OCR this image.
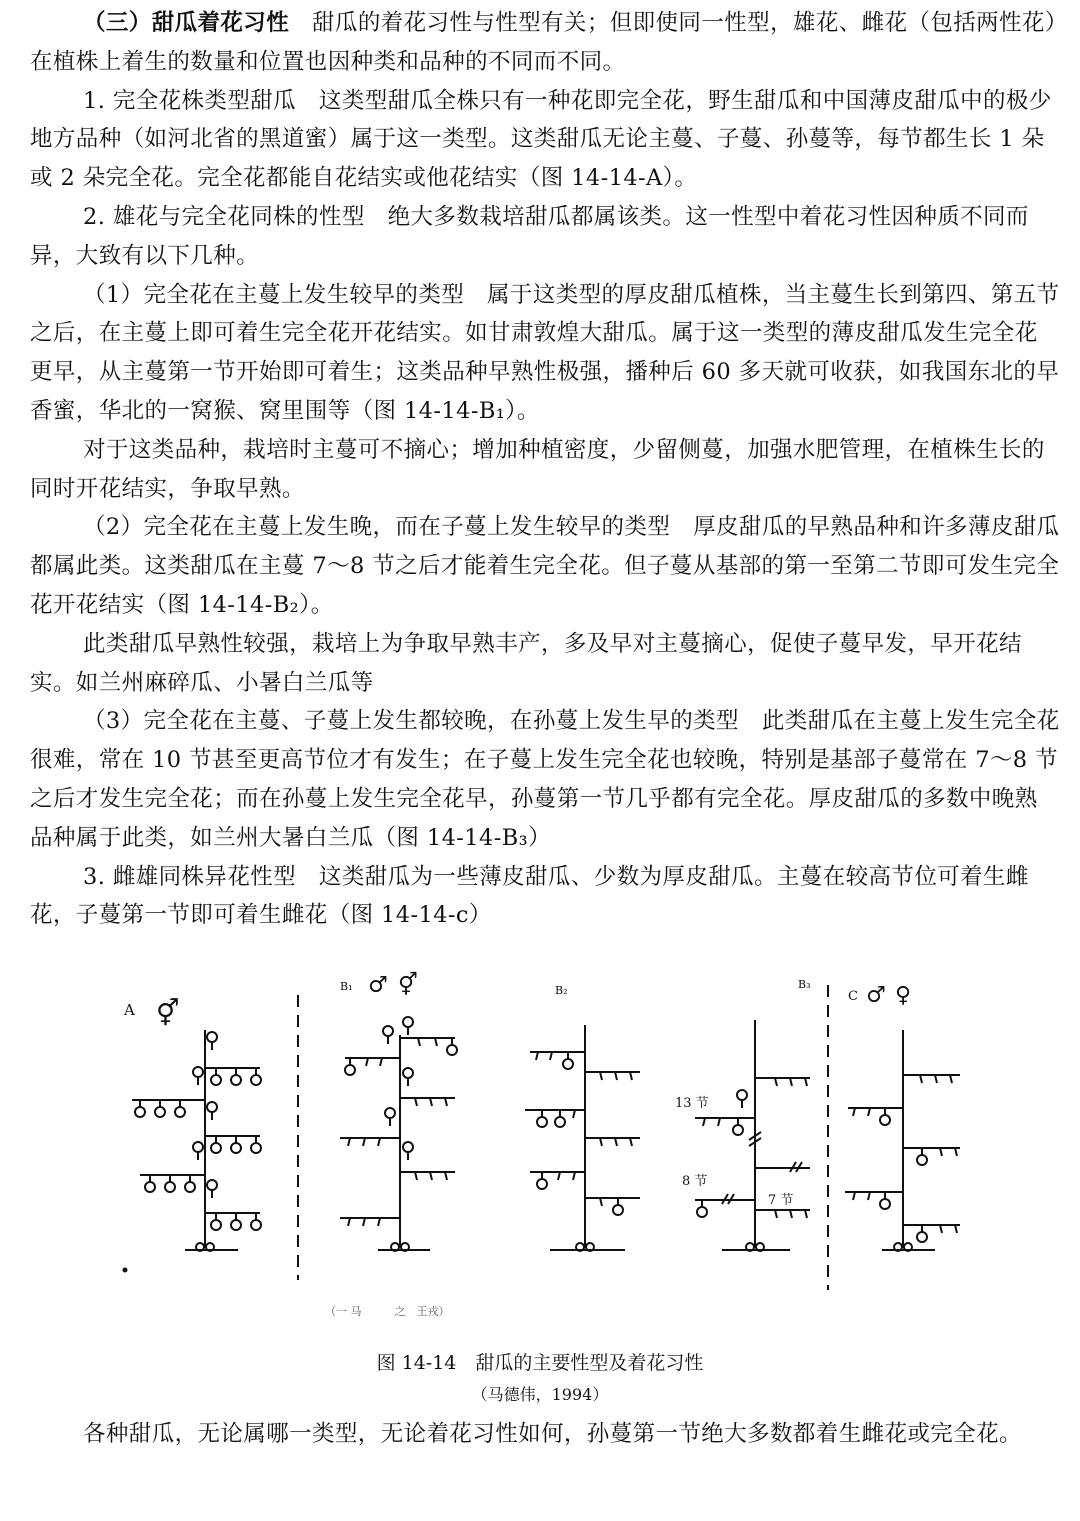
（三）甜瓜着花习性　 甜瓜的着花习性与性型有关；但即使同一性型，雄花、雌花（包括两性花）在植株上着生的数量和位置也因种类和品种的不同而不同。

1. 完全花株类型甜瓜　这类型甜瓜全株只有一种花即完全花，野生甜瓜和中国薄皮甜瓜中的极少地方品种（如河北省的黑道蜜）属于这一类型。这类甜瓜无论主蔓、子蔓、孙蔓等，每节都生长 1 朵或 2 朵完全花。完全花都能自花结实或他花结实（图 14-14-A）。

2. 雄花与完全花同株的性型　绝大多数栽培甜瓜都属该类。这一性型中着花习性因种质不同而异，大致有以下几种。

（1）完全花在主蔓上发生较早的类型　属于这类型的厚皮甜瓜植株，当主蔓生长到第四、第五节之后，在主蔓上即可着生完全花开花结实。如甘肃敦煌大甜瓜。属于这一类型的薄皮甜瓜发生完全花更早，从主蔓第一节开始即可着生；这类品种早熟性极强，播种后 60 多天就可收获，如我国东北的早香蜜，华北的一窝猴、窝里围等（图 14-14-B₁）。

对于这类品种，栽培时主蔓可不摘心；增加种植密度，少留侧蔓，加强水肥管理，在植株生长的同时开花结实，争取早熟。

（2）完全花在主蔓上发生晚，而在子蔓上发生较早的类型　厚皮甜瓜的早熟品种和许多薄皮甜瓜都属此类。这类甜瓜在主蔓 7～8 节之后才能着生完全花。但子蔓从基部的第一至第二节即可发生完全花开花结实（图 14-14-B₂）。

此类甜瓜早熟性较强，栽培上为争取早熟丰产，多及早对主蔓摘心，促使子蔓早发，早开花结实。如兰州麻碎瓜、小暑白兰瓜等

（3）完全花在主蔓、子蔓上发生都较晚，在孙蔓上发生早的类型　此类甜瓜在主蔓上发生完全花很难，常在 10 节甚至更高节位才有发生；在子蔓上发生完全花也较晚，特别是基部子蔓常在 7～8 节之后才发生完全花；而在孙蔓上发生完全花早，孙蔓第一节几乎都有完全花。厚皮甜瓜的多数中晚熟品种属于此类，如兰州大暑白兰瓜（图 14-14-B₃）

3. 雌雄同株异花性型　这类甜瓜为一些薄皮甜瓜、少数为厚皮甜瓜。主蔓在较高节位可着生雌花，子蔓第一节即可着生雌花（图 14-14-c）

A ⚥
B₁ ♂ ⚥	B₂	B₃
13 节
8 节
7 节
C ♂ ♀
（一 马　　　之　王戎）
图 14-14　甜瓜的主要性型及着花习性
（马德伟，1994）

各种甜瓜，无论属哪一类型，无论着花习性如何，孙蔓第一节绝大多数都着生雌花或完全花。
